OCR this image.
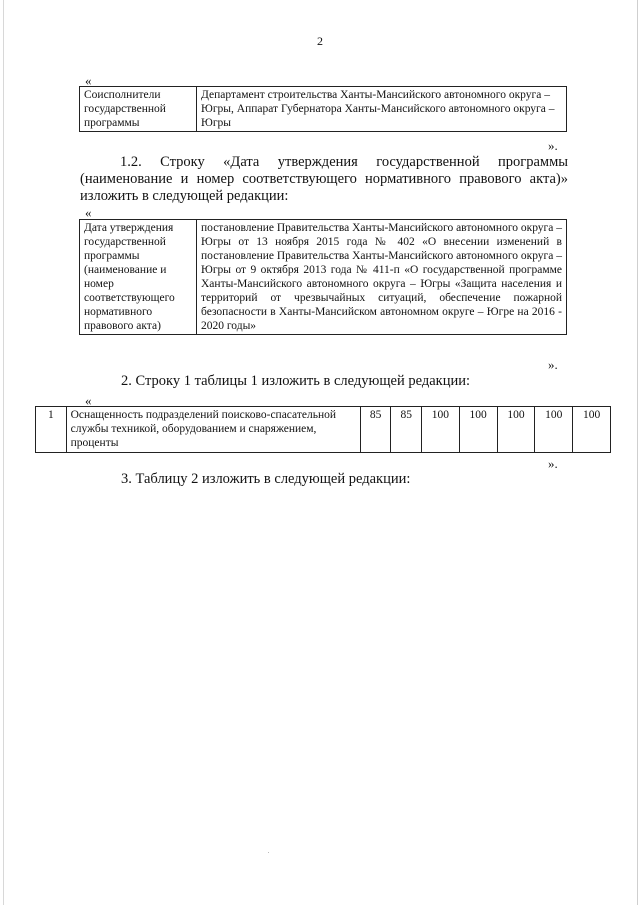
2
«
Соисполнители государственной программы	Департамент строительства Ханты-Мансийского автономного округа – Югры, Аппарат Губернатора Ханты-Мансийского автономного округа – Югры
».
1.2. Строку «Дата утверждения государственной программы (наименование и номер соответствующего нормативного правового акта)» изложить в следующей редакции:
«
Дата утверждения государственной программы (наименование и номер соответствующего нормативного правового акта)	постановление Правительства Ханты-Мансийского автономного округа – Югры от 13 ноября 2015 года № 402 «О внесении изменений в постановление Правительства Ханты-Мансийского автономного округа – Югры от 9 октября 2013 года № 411-п «О государственной программе Ханты-Мансийского автономного округа – Югры «Защита населения и территорий от чрезвычайных ситуаций, обеспечение пожарной безопасности в Ханты-Мансийском автономном округе – Югре на 2016 - 2020 годы»
».
2. Строку 1 таблицы 1 изложить в следующей редакции:
«
1	Оснащенность подразделений поисково-спасательной службы техникой, оборудованием и снаряжением, проценты	85	85	100	100	100	100	100
».
3. Таблицу 2 изложить в следующей редакции:
